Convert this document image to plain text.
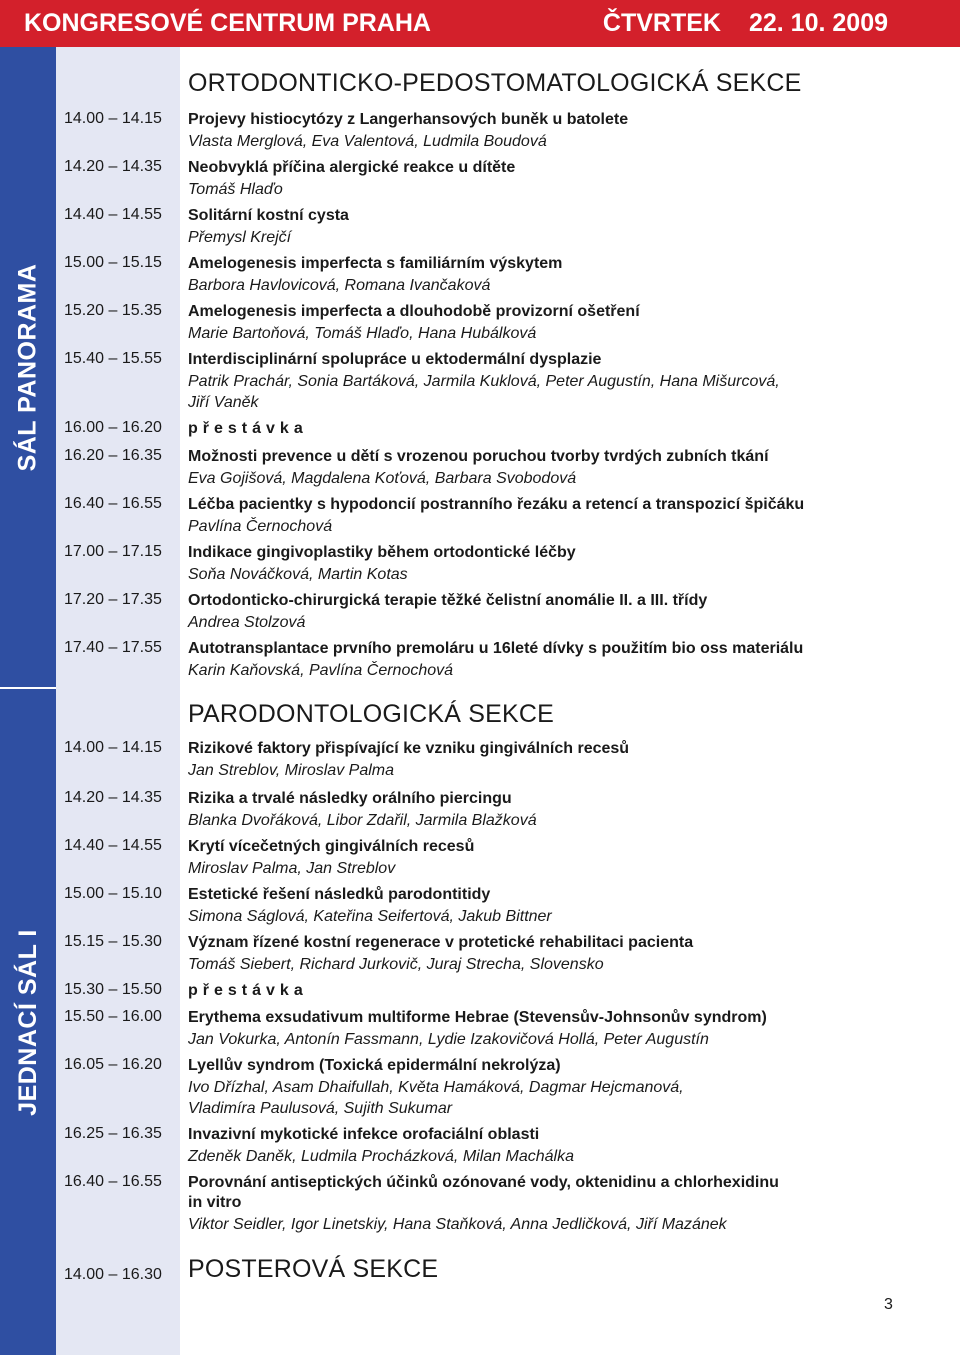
KONGRESOVÉ CENTRUM PRAHA	ČTVRTEK 22. 10. 2009
SÁL PANORAMA
JEDNACÍ SÁL I
ORTODONTICKO-PEDOSTOMATOLOGICKÁ SEKCE
14.00 – 14.15 Projevy histiocytózy z Langerhansových buněk u batolete
Vlasta Merglová, Eva Valentová, Ludmila Boudová
14.20 – 14.35 Neobvyklá příčina alergické reakce u dítěte
Tomáš Hlaďo
14.40 – 14.55 Solitární kostní cysta
Přemysl Krejčí
15.00 – 15.15 Amelogenesis imperfecta s familiárním výskytem
Barbora Havlovicová, Romana Ivančaková
15.20 – 15.35 Amelogenesis imperfecta a dlouhodobě provizorní ošetření
Marie Bartoňová, Tomáš Hlaďo, Hana Hubálková
15.40 – 15.55 Interdisciplinární spolupráce u ektodermální dysplazie
Patrik Prachár, Sonia Bartáková, Jarmila Kuklová, Peter Augustín, Hana Mišurcová,
Jiří Vaněk
16.00 – 16.20 přestávka
16.20 – 16.35 Možnosti prevence u dětí s vrozenou poruchou tvorby tvrdých zubních tkání
Eva Gojišová, Magdalena Koťová, Barbara Svobodová
16.40 – 16.55 Léčba pacientky s hypodoncií postranního řezáku a retencí a transpozicí špičáku
Pavlína Černochová
17.00 – 17.15 Indikace gingivoplastiky během ortodontické léčby
Soňa Nováčková, Martin Kotas
17.20 – 17.35 Ortodonticko-chirurgická terapie těžké čelistní anomálie II. a III. třídy
Andrea Stolzová
17.40 – 17.55 Autotransplantace prvního premoláru u 16leté dívky s použitím bio oss materiálu
Karin Kaňovská, Pavlína Černochová
PARODONTOLOGICKÁ SEKCE
14.00 – 14.15 Rizikové faktory přispívající ke vzniku gingiválních recesů
Jan Streblov, Miroslav Palma
14.20 – 14.35 Rizika a trvalé následky orálního piercingu
Blanka Dvořáková, Libor Zdařil, Jarmila Blažková
14.40 – 14.55 Krytí vícečetných gingiválních recesů
Miroslav Palma, Jan Streblov
15.00 – 15.10 Estetické řešení následků parodontitidy
Simona Ságlová, Kateřina Seifertová, Jakub Bittner
15.15 – 15.30 Význam řízené kostní regenerace v protetické rehabilitaci pacienta
Tomáš Siebert, Richard Jurkovič, Juraj Strecha, Slovensko
15.30 – 15.50 přestávka
15.50 – 16.00 Erythema exsudativum multiforme Hebrae (Stevensův-Johnsonův syndrom)
Jan Vokurka, Antonín Fassmann, Lydie Izakovičová Hollá, Peter Augustín
16.05 – 16.20 Lyellův syndrom (Toxická epidermální nekrolýza)
Ivo Dřízhal, Asam Dhaifullah, Květa Hamáková, Dagmar Hejcmanová,
Vladimíra Paulusová, Sujith Sukumar
16.25 – 16.35 Invazivní mykotické infekce orofaciální oblasti
Zdeněk Daněk, Ludmila Procházková, Milan Machálka
16.40 – 16.55 Porovnání antiseptických účinků ozónované vody, oktenidinu a chlorhexidinu in vitro
Viktor Seidler, Igor Linetskiy, Hana Staňková, Anna Jedličková, Jiří Mazánek
14.00 – 16.30 POSTEROVÁ SEKCE
3
